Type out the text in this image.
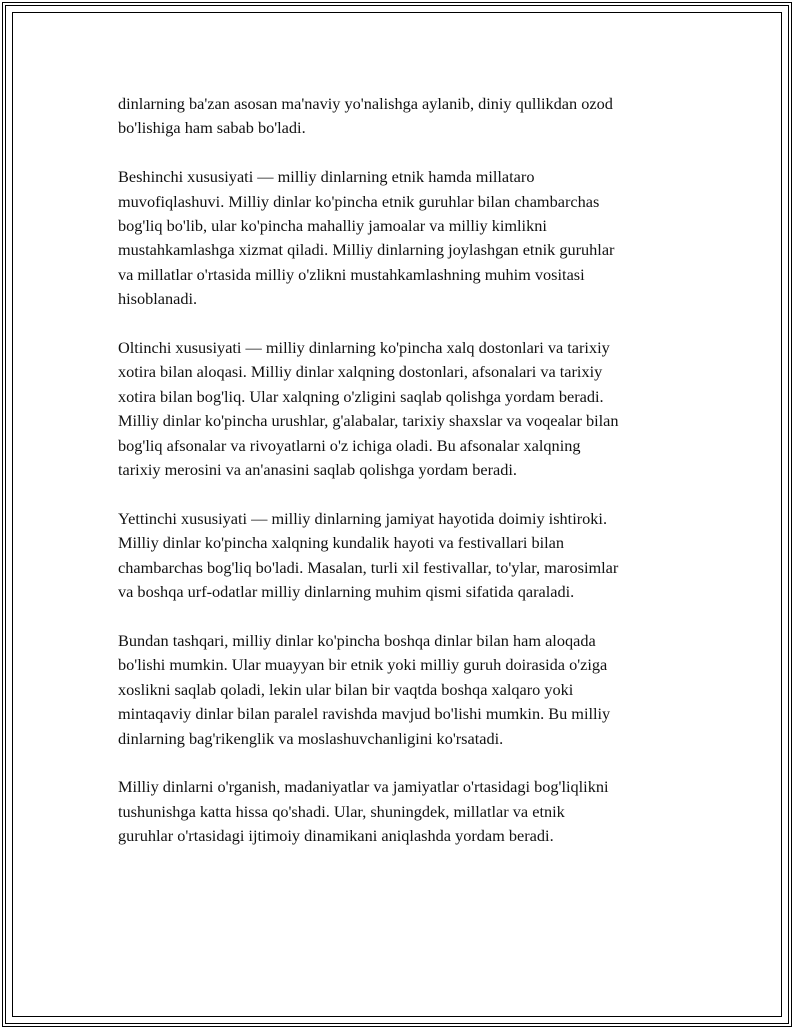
dinlarning ba'zan asosan ma'naviy yo'nalishga aylanib, diniy qullikdan ozod
bo'lishiga ham sabab bo'ladi.

Beshinchi xususiyati — milliy dinlarning etnik hamda millataro
muvofiqlashuvi. Milliy dinlar ko'pincha etnik guruhlar bilan chambarchas
bog'liq bo'lib, ular ko'pincha mahalliy jamoalar va milliy kimlikni
mustahkamlashga xizmat qiladi. Milliy dinlarning joylashgan etnik guruhlar
va millatlar o'rtasida milliy o'zlikni mustahkamlashning muhim vositasi
hisoblanadi.

Oltinchi xususiyati — milliy dinlarning ko'pincha xalq dostonlari va tarixiy
xotira bilan aloqasi. Milliy dinlar xalqning dostonlari, afsonalari va tarixiy
xotira bilan bog'liq. Ular xalqning o'zligini saqlab qolishga yordam beradi.
Milliy dinlar ko'pincha urushlar, g'alabalar, tarixiy shaxslar va voqealar bilan
bog'liq afsonalar va rivoyatlarni o'z ichiga oladi. Bu afsonalar xalqning
tarixiy merosini va an'anasini saqlab qolishga yordam beradi.

Yettinchi xususiyati — milliy dinlarning jamiyat hayotida doimiy ishtiroki.
Milliy dinlar ko'pincha xalqning kundalik hayoti va festivallari bilan
chambarchas bog'liq bo'ladi. Masalan, turli xil festivallar, to'ylar, marosimlar
va boshqa urf-odatlar milliy dinlarning muhim qismi sifatida qaraladi.

Bundan tashqari, milliy dinlar ko'pincha boshqa dinlar bilan ham aloqada
bo'lishi mumkin. Ular muayyan bir etnik yoki milliy guruh doirasida o'ziga
xoslikni saqlab qoladi, lekin ular bilan bir vaqtda boshqa xalqaro yoki
mintaqaviy dinlar bilan paralel ravishda mavjud bo'lishi mumkin. Bu milliy
dinlarning bag'rikenglik va moslashuvchanligini ko'rsatadi.

Milliy dinlarni o'rganish, madaniyatlar va jamiyatlar o'rtasidagi bog'liqlikni
tushunishga katta hissa qo'shadi. Ular, shuningdek, millatlar va etnik
guruhlar o'rtasidagi ijtimoiy dinamikani aniqlashda yordam beradi.
